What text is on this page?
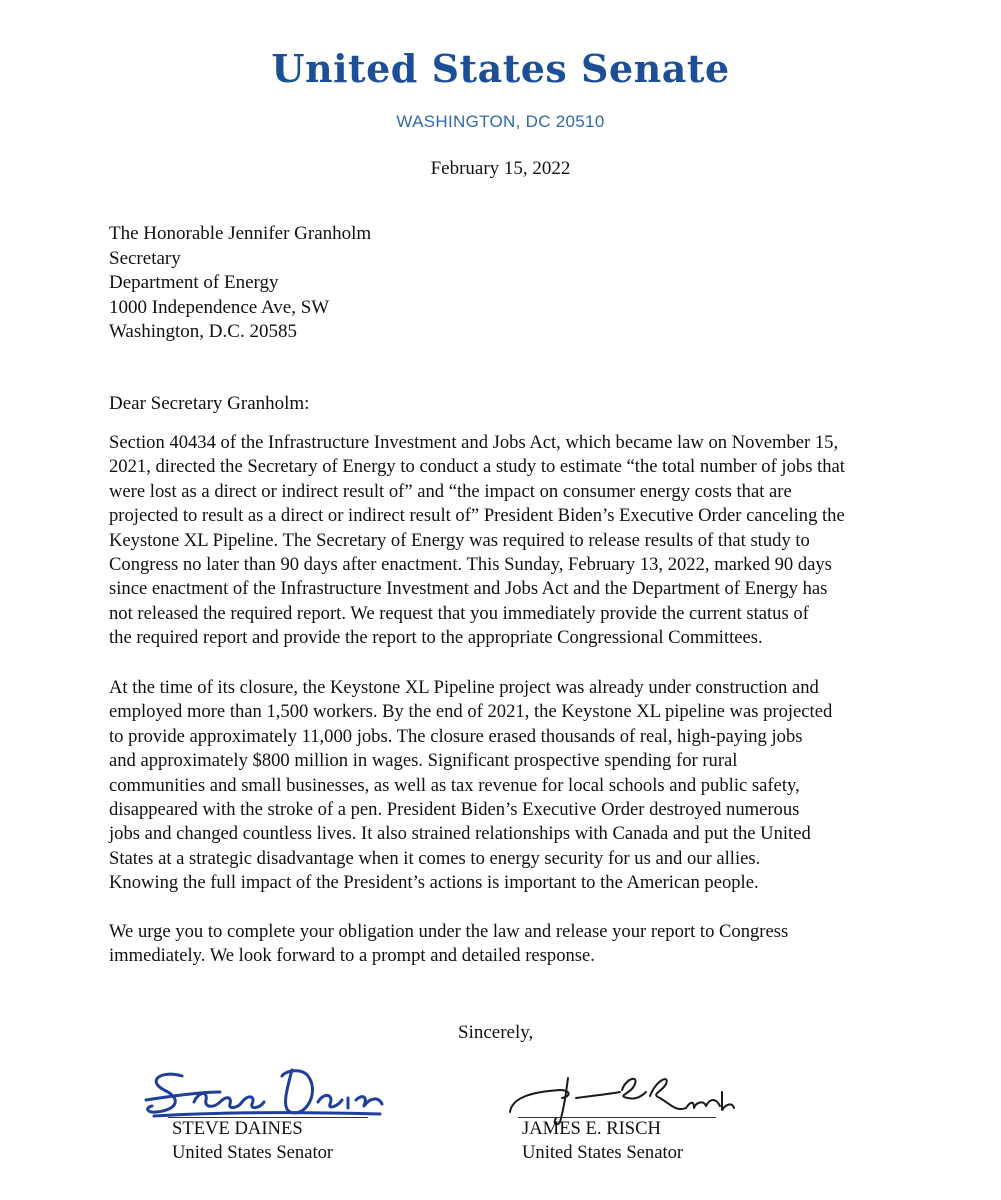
United States Senate
WASHINGTON, DC 20510
February 15, 2022
The Honorable Jennifer Granholm
Secretary
Department of Energy
1000 Independence Ave, SW
Washington, D.C. 20585
Dear Secretary Granholm:

Section 40434 of the Infrastructure Investment and Jobs Act, which became law on November 15,
2021, directed the Secretary of Energy to conduct a study to estimate “the total number of jobs that
were lost as a direct or indirect result of” and “the impact on consumer energy costs that are
projected to result as a direct or indirect result of” President Biden’s Executive Order canceling the
Keystone XL Pipeline. The Secretary of Energy was required to release results of that study to
Congress no later than 90 days after enactment. This Sunday, February 13, 2022, marked 90 days
since enactment of the Infrastructure Investment and Jobs Act and the Department of Energy has
not released the required report. We request that you immediately provide the current status of
the required report and provide the report to the appropriate Congressional Committees.

At the time of its closure, the Keystone XL Pipeline project was already under construction and
employed more than 1,500 workers. By the end of 2021, the Keystone XL pipeline was projected
to provide approximately 11,000 jobs. The closure erased thousands of real, high-paying jobs
and approximately $800 million in wages. Significant prospective spending for rural
communities and small businesses, as well as tax revenue for local schools and public safety,
disappeared with the stroke of a pen. President Biden’s Executive Order destroyed numerous
jobs and changed countless lives. It also strained relationships with Canada and put the United
States at a strategic disadvantage when it comes to energy security for us and our allies.
Knowing the full impact of the President’s actions is important to the American people.

We urge you to complete your obligation under the law and release your report to Congress
immediately. We look forward to a prompt and detailed response.

Sincerely,
STEVE DAINES
United States Senator
JAMES E. RISCH
United States Senator
